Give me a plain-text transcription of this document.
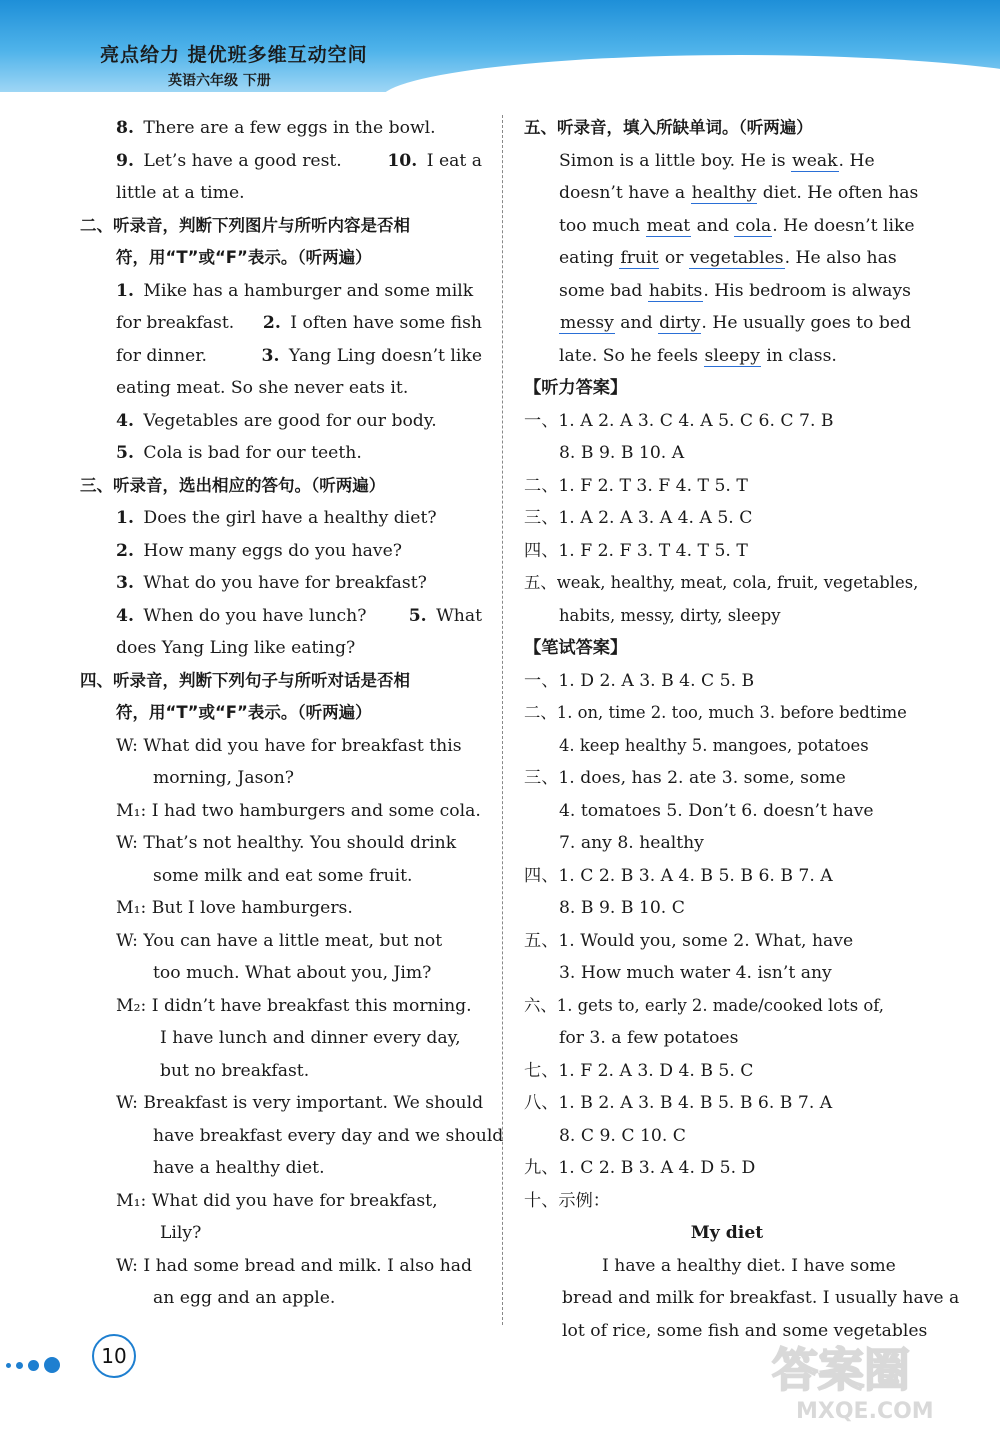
亮点给力 提优班多维互动空间
英语六年级 下册
8. There are a few eggs in the bowl.
9. Let’s have a good rest.	10. I eat a
little at a time.
二、听录音，判断下列图片与所听内容是否相
符，用“T”或“F”表示。（听两遍）
1. Mike has a hamburger and some milk
for breakfast. 2. I often have some fish
for dinner.	3. Yang Ling doesn’t like
eating meat. So she never eats it.
4. Vegetables are good for our body.
5. Cola is bad for our teeth.
三、听录音，选出相应的答句。（听两遍）
1. Does the girl have a healthy diet?
2. How many eggs do you have?
3. What do you have for breakfast?
4. When do you have lunch? 5. What
does Yang Ling like eating?
四、听录音，判断下列句子与所听对话是否相
符，用“T”或“F”表示。（听两遍）
W: What did you have for breakfast this
morning, Jason?
M₁: I had two hamburgers and some cola.
W: That’s not healthy. You should drink
some milk and eat some fruit.
M₁: But I love hamburgers.
W: You can have a little meat, but not
too much. What about you, Jim?
M₂: I didn’t have breakfast this morning.
I have lunch and dinner every day,
but no breakfast.
W: Breakfast is very important. We should
have breakfast every day and we should
have a healthy diet.
M₁: What did you have for breakfast,
Lily?
W: I had some bread and milk. I also had
an egg and an apple.
五、听录音，填入所缺单词。（听两遍）
Simon is a little boy. He is weak. He
doesn’t have a healthy diet. He often has
too much meat and cola. He doesn’t like
eating fruit or vegetables. He also has
some bad habits. His bedroom is always
messy and dirty. He usually goes to bed
late. So he feels sleepy in class.
【听力答案】
一、1. A 2. A 3. C 4. A 5. C 6. C 7. B
8. B 9. B 10. A
二、1. F 2. T 3. F 4. T 5. T
三、1. A 2. A 3. A 4. A 5. C
四、1. F 2. F 3. T 4. T 5. T
五、weak, healthy, meat, cola, fruit, vegetables,
habits, messy, dirty, sleepy
【笔试答案】
一、1. D 2. A 3. B 4. C 5. B
二、1. on, time 2. too, much 3. before bedtime
4. keep healthy 5. mangoes, potatoes
三、1. does, has 2. ate 3. some, some
4. tomatoes 5. Don’t 6. doesn’t have
7. any 8. healthy
四、1. C 2. B 3. A 4. B 5. B 6. B 7. A
8. B 9. B 10. C
五、1. Would you, some 2. What, have
3. How much water 4. isn’t any
六、1. gets to, early 2. made/cooked lots of,
for 3. a few potatoes
七、1. F 2. A 3. D 4. B 5. C
八、1. B 2. A 3. B 4. B 5. B 6. B 7. A
8. C 9. C 10. C
九、1. C 2. B 3. A 4. D 5. D
十、示例：
My diet
I have a healthy diet. I have some
bread and milk for breakfast. I usually have a
lot of rice, some fish and some vegetables
10	答案圈
MXQE.COM
